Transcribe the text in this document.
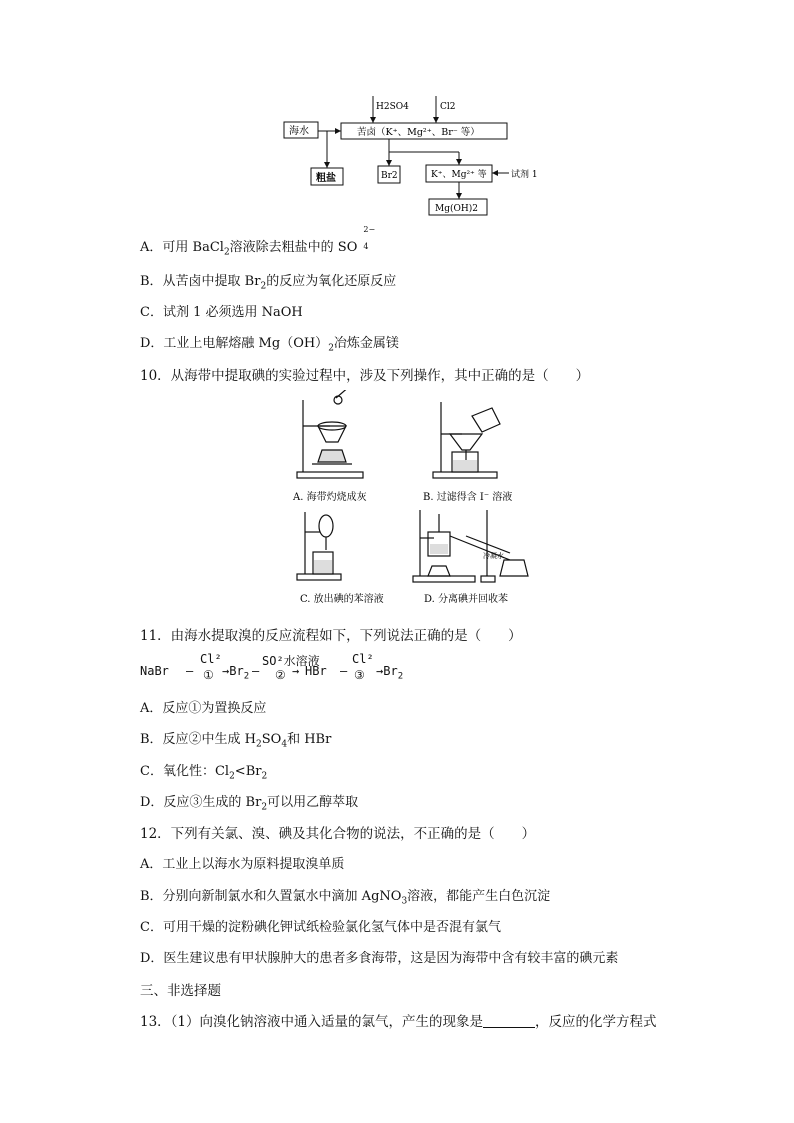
H2SO4	Cl2
海水	苦卤（K⁺、Mg²⁺、Br⁻ 等）
粗盐	Br2	K⁺、Mg²⁺ 等	试剂 1
Mg(OH)2
A．可用 BaCl$_2$溶液除去粗盐中的 SO
2−
4
B．从苦卤中提取 $Br_2$的反应为氧化还原反应
C．试剂 1 必须选用 NaOH
D．工业上电解熔融 $Mg(OH)_2$冶炼金属镁
10．从海带中提取碘的实验过程中，涉及下列操作，其中正确的是（　　）
A. 海带灼烧成灰	B. 过滤得含 I⁻ 溶液
C. 放出碘的苯溶液	D. 分离碘并回收苯
冷凝水
11．由海水提取溴的反应流程如下，下列说法正确的是（　　）
NaBr —
Cl²
① $\to Br_2$ —
SO²水溶液
② → HBr —
Cl²
③ $\to Br_2$
A．反应①为置换反应
B．反应②中生成 $H_2SO_4$和 HBr
C．氧化性：$Cl_2<Br_2$
D．反应③生成的 $Br_2$可以用乙醇萃取
12．下列有关氯、溴、碘及其化合物的说法，不正确的是（　　）
A．工业上以海水为原料提取溴单质
B．分别向新制氯水和久置氯水中滴加 AgNO$_3$溶液，都能产生白色沉淀
C．可用干燥的淀粉碘化钾试纸检验氯化氢气体中是否混有氯气
D．医生建议患有甲状腺肿大的患者多食海带，这是因为海带中含有较丰富的碘元素
三、非选择题
13．（1）向溴化钠溶液中通入适量的氯气，产生的现象是	，反应的化学方程式
